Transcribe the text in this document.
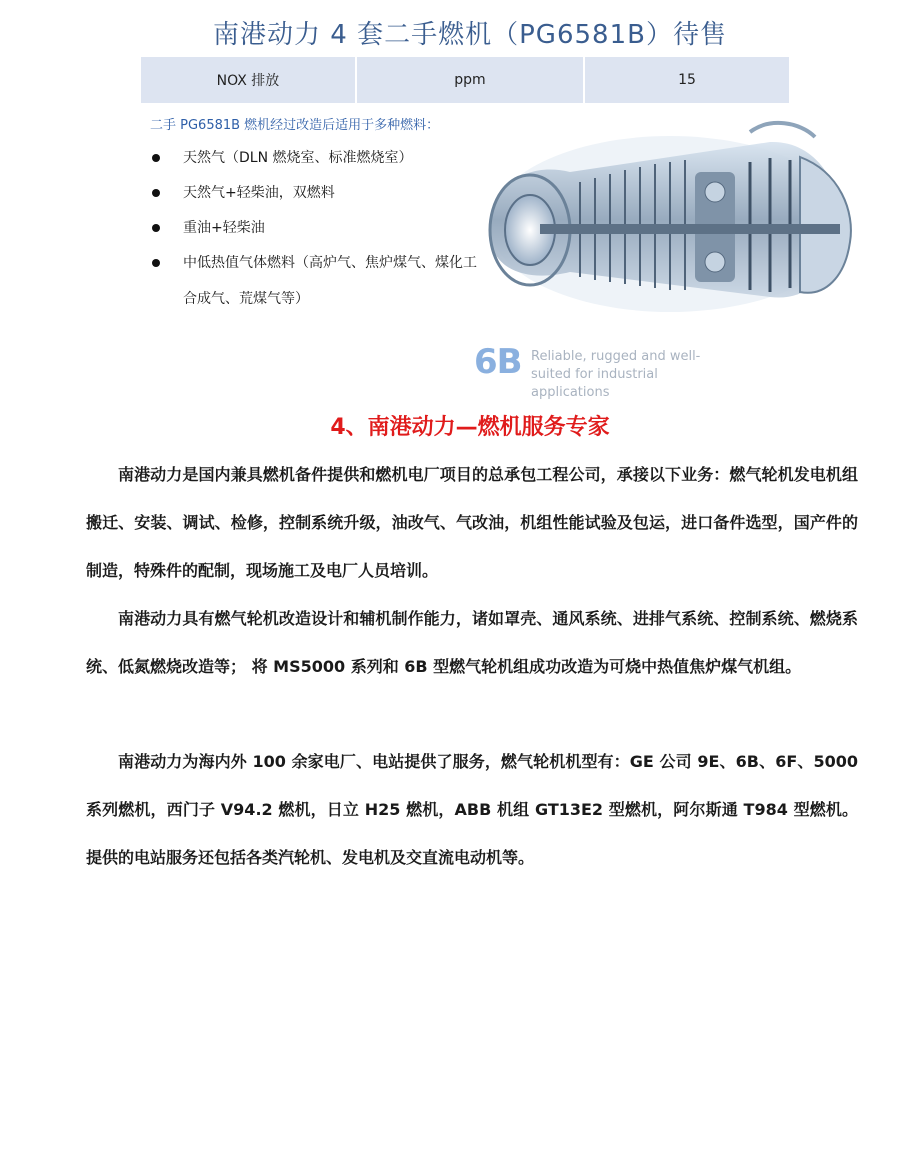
南港动力 4 套二手燃机（PG6581B）待售
NOX 排放	ppm	15
二手 PG6581B 燃机经过改造后适用于多种燃料：
天然气（DLN 燃烧室、标准燃烧室）
天然气+轻柴油，双燃料
重油+轻柴油
中低热值气体燃料（高炉气、焦炉煤气、煤化工合成气、荒煤气等）
6B Reliable, rugged and well-suited for industrial applications
4、南港动力—燃机服务专家

南港动力是国内兼具燃机备件提供和燃机电厂项目的总承包工程公司，承接以下业务：燃气轮机发电机组搬迁、安装、调试、检修，控制系统升级，油改气、气改油，机组性能试验及包运，进口备件选型，国产件的制造，特殊件的配制，现场施工及电厂人员培训。

南港动力具有燃气轮机改造设计和辅机制作能力，诸如罩壳、通风系统、进排气系统、控制系统、燃烧系统、低氮燃烧改造等； 将 MS5000 系列和 6B 型燃气轮机组成功改造为可烧中热值焦炉煤气机组。

南港动力为海内外 100 余家电厂、电站提供了服务，燃气轮机机型有：GE 公司 9E、6B、6F、5000 系列燃机，西门子 V94.2 燃机，日立 H25 燃机，ABB 机组 GT13E2 型燃机，阿尔斯通 T984 型燃机。提供的电站服务还包括各类汽轮机、发电机及交直流电动机等。
